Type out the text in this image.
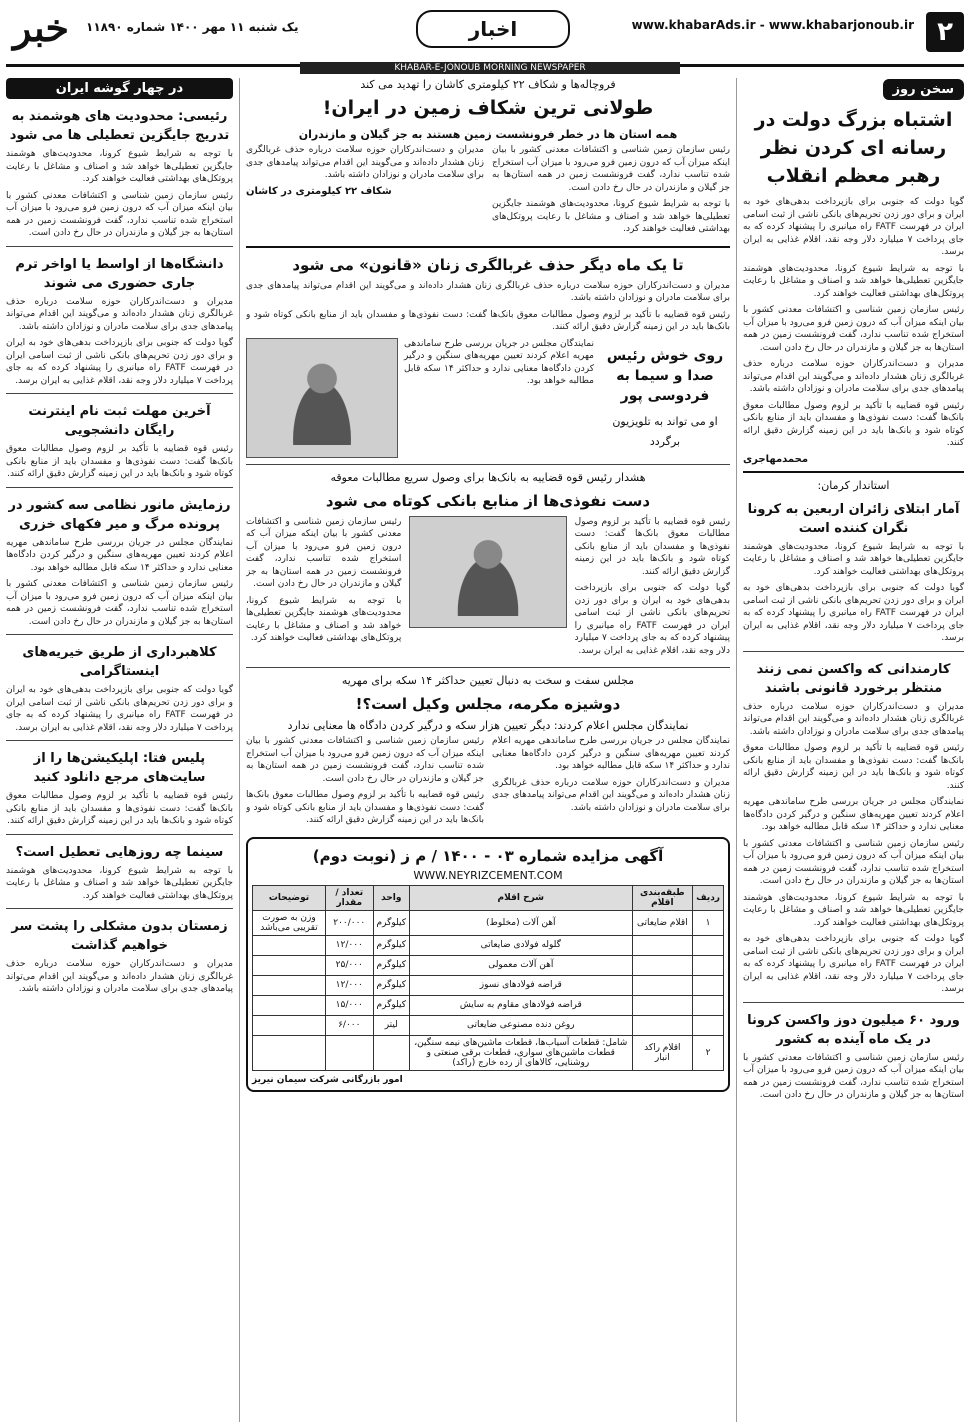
۲
www.khabarAds.ir - www.khabarjonoub.ir
اخبار
یک شنبه ۱۱ مهر ۱۴۰۰ شماره ۱۱۸۹۰
خبر
KHABAR-E-JONOUB MORNING NEWSPAPER
سخن روز
اشتباه بزرگ دولت در رسانه ای کردن نظر رهبر معظم انقلاب

گویا دولت که جنوبی برای بازپرداخت بدهی‌های خود به ایران و برای دور زدن تحریم‌های بانکی ناشی از ثبت اسامی ایران در فهرست FATF راه میانبری را پیشنهاد کرده که به جای پرداخت ۷ میلیارد دلار وجه نقد، اقلام غذایی به ایران برسد.

با توجه به شرایط شیوع کرونا، محدودیت‌های هوشمند جایگزین تعطیلی‌ها خواهد شد و اصناف و مشاغل با رعایت پروتکل‌های بهداشتی فعالیت خواهند کرد.

رئیس سازمان زمین شناسی و اکتشافات معدنی کشور با بیان اینکه میزان آب که درون زمین فرو می‌رود با میزان آب استخراج شده تناسب ندارد، گفت فرونشست زمین در همه استان‌ها به جز گیلان و مازندران در حال رخ دادن است.

مدیران و دست‌اندرکاران حوزه سلامت درباره حذف غربالگری زنان هشدار داده‌اند و می‌گویند این اقدام می‌تواند پیامدهای جدی برای سلامت مادران و نوزادان داشته باشد.

رئیس قوه قضاییه با تأکید بر لزوم وصول مطالبات معوق بانک‌ها گفت: دست نفوذی‌ها و مفسدان باید از منابع بانکی کوتاه شود و بانک‌ها باید در این زمینه گزارش دقیق ارائه کنند.

محمدمهاجری
استاندار کرمان:
آمار ابتلای زائران اربعین به کرونا نگران کننده است

با توجه به شرایط شیوع کرونا، محدودیت‌های هوشمند جایگزین تعطیلی‌ها خواهد شد و اصناف و مشاغل با رعایت پروتکل‌های بهداشتی فعالیت خواهند کرد.

گویا دولت که جنوبی برای بازپرداخت بدهی‌های خود به ایران و برای دور زدن تحریم‌های بانکی ناشی از ثبت اسامی ایران در فهرست FATF راه میانبری را پیشنهاد کرده که به جای پرداخت ۷ میلیارد دلار وجه نقد، اقلام غذایی به ایران برسد.

کارمندانی که واکسن نمی زنند منتظر برخورد قانونی باشند

مدیران و دست‌اندرکاران حوزه سلامت درباره حذف غربالگری زنان هشدار داده‌اند و می‌گویند این اقدام می‌تواند پیامدهای جدی برای سلامت مادران و نوزادان داشته باشد.

رئیس قوه قضاییه با تأکید بر لزوم وصول مطالبات معوق بانک‌ها گفت: دست نفوذی‌ها و مفسدان باید از منابع بانکی کوتاه شود و بانک‌ها باید در این زمینه گزارش دقیق ارائه کنند.

نمایندگان مجلس در جریان بررسی طرح ساماندهی مهریه اعلام کردند تعیین مهریه‌های سنگین و درگیر کردن دادگاه‌ها معنایی ندارد و حداکثر ۱۴ سکه قابل مطالبه خواهد بود.

رئیس سازمان زمین شناسی و اکتشافات معدنی کشور با بیان اینکه میزان آب که درون زمین فرو می‌رود با میزان آب استخراج شده تناسب ندارد، گفت فرونشست زمین در همه استان‌ها به جز گیلان و مازندران در حال رخ دادن است.

با توجه به شرایط شیوع کرونا، محدودیت‌های هوشمند جایگزین تعطیلی‌ها خواهد شد و اصناف و مشاغل با رعایت پروتکل‌های بهداشتی فعالیت خواهند کرد.

گویا دولت که جنوبی برای بازپرداخت بدهی‌های خود به ایران و برای دور زدن تحریم‌های بانکی ناشی از ثبت اسامی ایران در فهرست FATF راه میانبری را پیشنهاد کرده که به جای پرداخت ۷ میلیارد دلار وجه نقد، اقلام غذایی به ایران برسد.

ورود ۶۰ میلیون دوز واکسن کرونا در یک ماه آینده به کشور

رئیس سازمان زمین شناسی و اکتشافات معدنی کشور با بیان اینکه میزان آب که درون زمین فرو می‌رود با میزان آب استخراج شده تناسب ندارد، گفت فرونشست زمین در همه استان‌ها به جز گیلان و مازندران در حال رخ دادن است.

فروچاله‌ها و شکاف ۲۲ کیلومتری کاشان را تهدید می کند
طولانی ترین شکاف زمین در ایران!
همه استان ها در خطر فرونشست زمین هستند به جز گیلان و مازندران

رئیس سازمان زمین شناسی و اکتشافات معدنی کشور با بیان اینکه میزان آب که درون زمین فرو می‌رود با میزان آب استخراج شده تناسب ندارد، گفت فرونشست زمین در همه استان‌ها به جز گیلان و مازندران در حال رخ دادن است.

با توجه به شرایط شیوع کرونا، محدودیت‌های هوشمند جایگزین تعطیلی‌ها خواهد شد و اصناف و مشاغل با رعایت پروتکل‌های بهداشتی فعالیت خواهند کرد.

مدیران و دست‌اندرکاران حوزه سلامت درباره حذف غربالگری زنان هشدار داده‌اند و می‌گویند این اقدام می‌تواند پیامدهای جدی برای سلامت مادران و نوزادان داشته باشد.

شکاف ۲۲ کیلومتری در کاشان
تا یک ماه دیگر حذف غربالگری زنان «قانون» می شود

مدیران و دست‌اندرکاران حوزه سلامت درباره حذف غربالگری زنان هشدار داده‌اند و می‌گویند این اقدام می‌تواند پیامدهای جدی برای سلامت مادران و نوزادان داشته باشد.

رئیس قوه قضاییه با تأکید بر لزوم وصول مطالبات معوق بانک‌ها گفت: دست نفوذی‌ها و مفسدان باید از منابع بانکی کوتاه شود و بانک‌ها باید در این زمینه گزارش دقیق ارائه کنند.

روی خوش رئیس صدا و سیما به فردوسی پور
او می تواند به تلویزیون برگردد

نمایندگان مجلس در جریان بررسی طرح ساماندهی مهریه اعلام کردند تعیین مهریه‌های سنگین و درگیر کردن دادگاه‌ها معنایی ندارد و حداکثر ۱۴ سکه قابل مطالبه خواهد بود.

هشدار رئیس قوه قضاییه به بانک‌ها برای وصول سریع مطالبات معوقه
دست نفوذی‌ها از منابع بانکی کوتاه می شود

رئیس قوه قضاییه با تأکید بر لزوم وصول مطالبات معوق بانک‌ها گفت: دست نفوذی‌ها و مفسدان باید از منابع بانکی کوتاه شود و بانک‌ها باید در این زمینه گزارش دقیق ارائه کنند.

گویا دولت که جنوبی برای بازپرداخت بدهی‌های خود به ایران و برای دور زدن تحریم‌های بانکی ناشی از ثبت اسامی ایران در فهرست FATF راه میانبری را پیشنهاد کرده که به جای پرداخت ۷ میلیارد دلار وجه نقد، اقلام غذایی به ایران برسد.

رئیس سازمان زمین شناسی و اکتشافات معدنی کشور با بیان اینکه میزان آب که درون زمین فرو می‌رود با میزان آب استخراج شده تناسب ندارد، گفت فرونشست زمین در همه استان‌ها به جز گیلان و مازندران در حال رخ دادن است.

با توجه به شرایط شیوع کرونا، محدودیت‌های هوشمند جایگزین تعطیلی‌ها خواهد شد و اصناف و مشاغل با رعایت پروتکل‌های بهداشتی فعالیت خواهند کرد.

مجلس سفت و سخت به دنبال تعیین حداکثر ۱۴ سکه برای مهریه
دوشیزه مکرمه، مجلس وکیل است؟!
نمایندگان مجلس اعلام کردند: دیگر تعیین هزار سکه و درگیر کردن دادگاه ها معنایی ندارد

نمایندگان مجلس در جریان بررسی طرح ساماندهی مهریه اعلام کردند تعیین مهریه‌های سنگین و درگیر کردن دادگاه‌ها معنایی ندارد و حداکثر ۱۴ سکه قابل مطالبه خواهد بود.

مدیران و دست‌اندرکاران حوزه سلامت درباره حذف غربالگری زنان هشدار داده‌اند و می‌گویند این اقدام می‌تواند پیامدهای جدی برای سلامت مادران و نوزادان داشته باشد.

رئیس سازمان زمین شناسی و اکتشافات معدنی کشور با بیان اینکه میزان آب که درون زمین فرو می‌رود با میزان آب استخراج شده تناسب ندارد، گفت فرونشست زمین در همه استان‌ها به جز گیلان و مازندران در حال رخ دادن است.

رئیس قوه قضاییه با تأکید بر لزوم وصول مطالبات معوق بانک‌ها گفت: دست نفوذی‌ها و مفسدان باید از منابع بانکی کوتاه شود و بانک‌ها باید در این زمینه گزارش دقیق ارائه کنند.

آگهی مزایده شماره ۰۳ - ۱۴۰۰ / م ز (نوبت دوم)
WWW.NEYRIZCEMENT.COM
ردیف	طبقه‌بندی اقلام	شرح اقلام	واحد	تعداد / مقدار	توضیحات
۱	اقلام ضایعاتی	آهن آلات (مخلوط)	کیلوگرم	۲۰۰/۰۰۰	وزن به صورت تقریبی می‌باشد
		گلوله فولادی ضایعاتی	کیلوگرم	۱۲/۰۰۰	
		آهن آلات معمولی	کیلوگرم	۲۵/۰۰۰	
		قراضه فولادهای نسوز	کیلوگرم	۱۲/۰۰۰	
		قراضه فولادهای مقاوم به سایش	کیلوگرم	۱۵/۰۰۰	
		روغن دنده مصنوعی ضایعاتی	لیتر	۶/۰۰۰	
۲	اقلام راکد انبار	شامل: قطعات آسیاب‌ها، قطعات ماشین‌های نیمه سنگین، قطعات ماشین‌های سواری، قطعات برقی صنعتی و روشنایی، کالاهای از رده خارج (راکد)			
امور بازرگانی شرکت سیمان نیریز
در چهار گوشه ایران
رئیسی: محدودیت های هوشمند به تدریج جایگزین تعطیلی ها می شود

با توجه به شرایط شیوع کرونا، محدودیت‌های هوشمند جایگزین تعطیلی‌ها خواهد شد و اصناف و مشاغل با رعایت پروتکل‌های بهداشتی فعالیت خواهند کرد.

رئیس سازمان زمین شناسی و اکتشافات معدنی کشور با بیان اینکه میزان آب که درون زمین فرو می‌رود با میزان آب استخراج شده تناسب ندارد، گفت فرونشست زمین در همه استان‌ها به جز گیلان و مازندران در حال رخ دادن است.

دانشگاه‌ها از اواسط یا اواخر ترم جاری حضوری می شوند

مدیران و دست‌اندرکاران حوزه سلامت درباره حذف غربالگری زنان هشدار داده‌اند و می‌گویند این اقدام می‌تواند پیامدهای جدی برای سلامت مادران و نوزادان داشته باشد.

گویا دولت که جنوبی برای بازپرداخت بدهی‌های خود به ایران و برای دور زدن تحریم‌های بانکی ناشی از ثبت اسامی ایران در فهرست FATF راه میانبری را پیشنهاد کرده که به جای پرداخت ۷ میلیارد دلار وجه نقد، اقلام غذایی به ایران برسد.

آخرین مهلت ثبت نام اینترنت رایگان دانشجویی

رئیس قوه قضاییه با تأکید بر لزوم وصول مطالبات معوق بانک‌ها گفت: دست نفوذی‌ها و مفسدان باید از منابع بانکی کوتاه شود و بانک‌ها باید در این زمینه گزارش دقیق ارائه کنند.

رزمایش مانور نظامی سه کشور در پرونده مرگ و میر فکهای خزری

نمایندگان مجلس در جریان بررسی طرح ساماندهی مهریه اعلام کردند تعیین مهریه‌های سنگین و درگیر کردن دادگاه‌ها معنایی ندارد و حداکثر ۱۴ سکه قابل مطالبه خواهد بود.

رئیس سازمان زمین شناسی و اکتشافات معدنی کشور با بیان اینکه میزان آب که درون زمین فرو می‌رود با میزان آب استخراج شده تناسب ندارد، گفت فرونشست زمین در همه استان‌ها به جز گیلان و مازندران در حال رخ دادن است.

کلاهبرداری از طریق خیریه‌های اینستاگرامی

گویا دولت که جنوبی برای بازپرداخت بدهی‌های خود به ایران و برای دور زدن تحریم‌های بانکی ناشی از ثبت اسامی ایران در فهرست FATF راه میانبری را پیشنهاد کرده که به جای پرداخت ۷ میلیارد دلار وجه نقد، اقلام غذایی به ایران برسد.

پلیس فتا: اپلیکیشن‌ها را از سایت‌های مرجع دانلود کنید

رئیس قوه قضاییه با تأکید بر لزوم وصول مطالبات معوق بانک‌ها گفت: دست نفوذی‌ها و مفسدان باید از منابع بانکی کوتاه شود و بانک‌ها باید در این زمینه گزارش دقیق ارائه کنند.

سینما چه روزهایی تعطیل است؟

با توجه به شرایط شیوع کرونا، محدودیت‌های هوشمند جایگزین تعطیلی‌ها خواهد شد و اصناف و مشاغل با رعایت پروتکل‌های بهداشتی فعالیت خواهند کرد.

زمستان بدون مشکلی را پشت سر خواهیم گذاشت

مدیران و دست‌اندرکاران حوزه سلامت درباره حذف غربالگری زنان هشدار داده‌اند و می‌گویند این اقدام می‌تواند پیامدهای جدی برای سلامت مادران و نوزادان داشته باشد.
